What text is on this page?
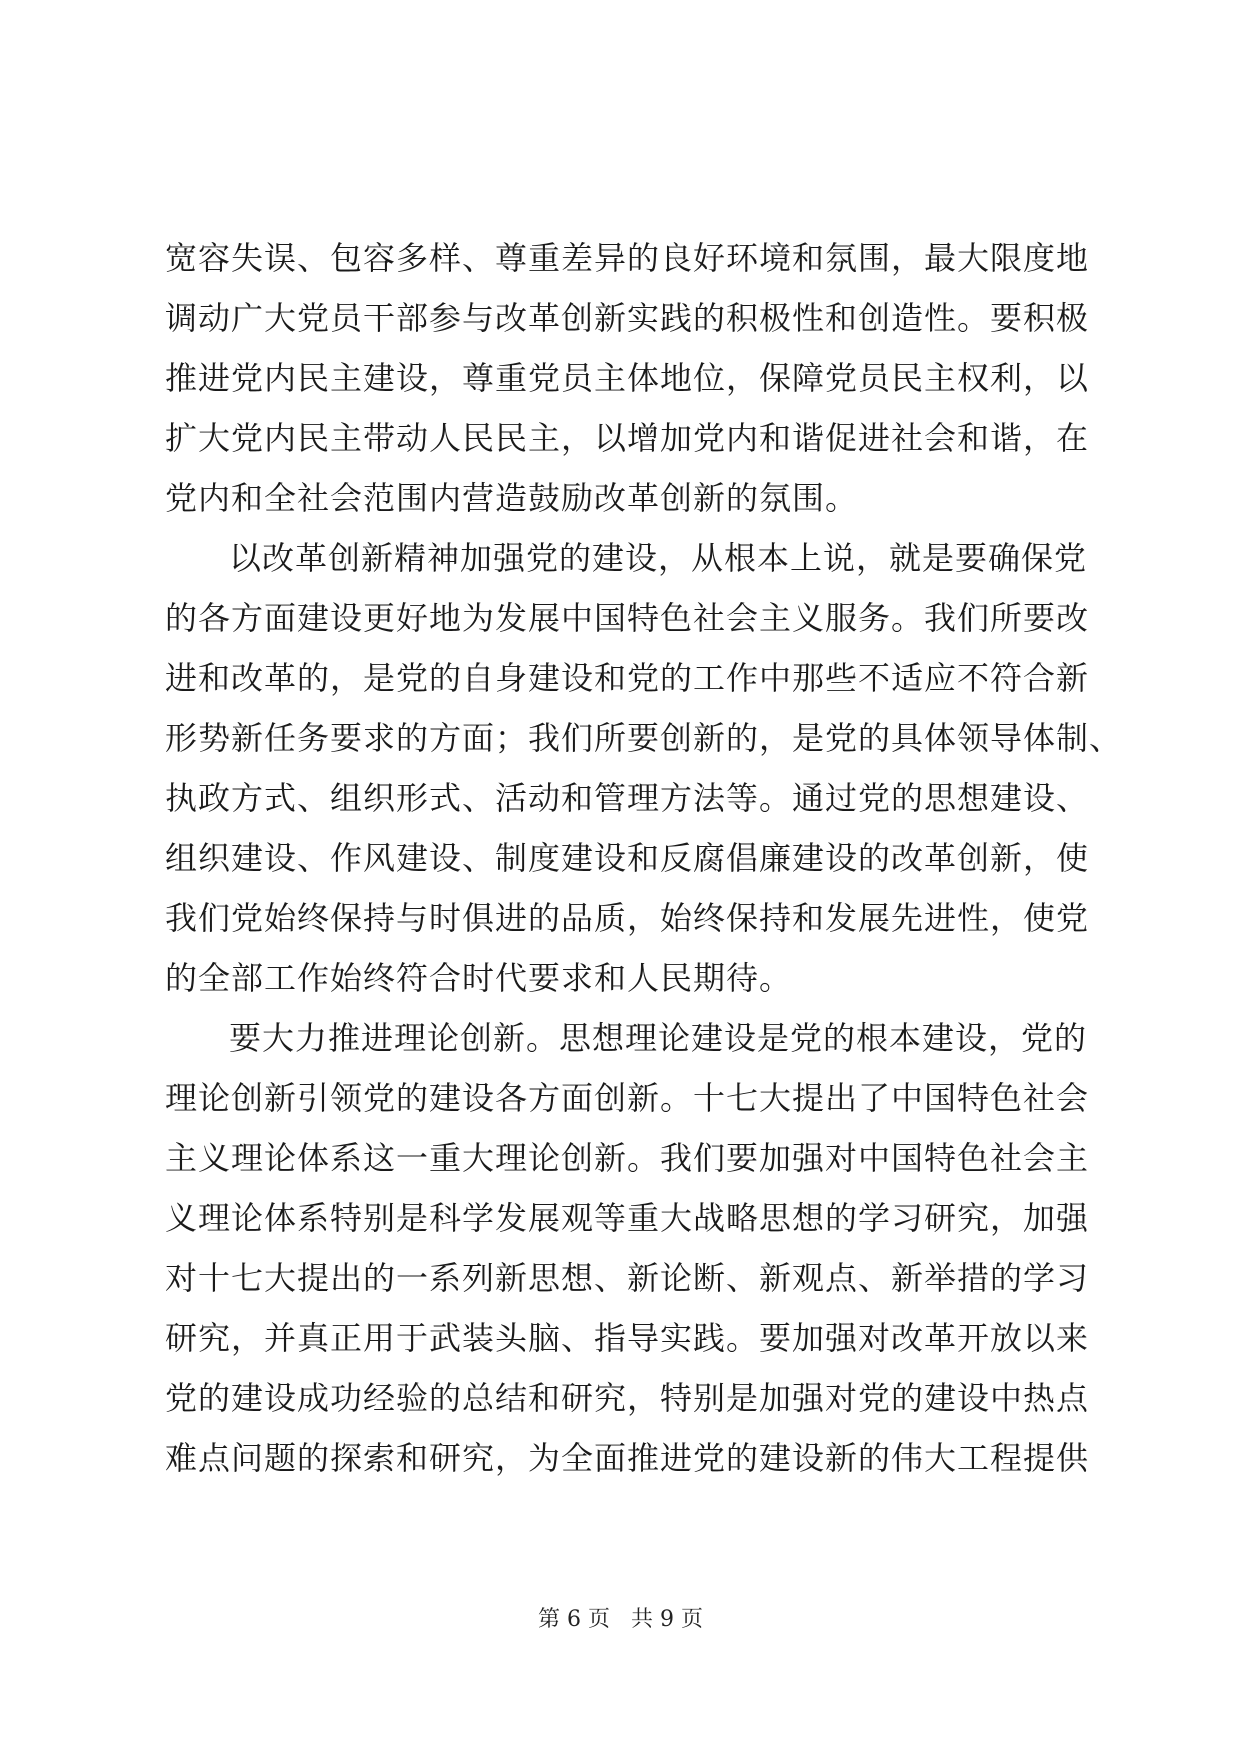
宽容失误、包容多样、尊重差异的良好环境和氛围，最大限度地
调动广大党员干部参与改革创新实践的积极性和创造性。要积极
推进党内民主建设，尊重党员主体地位，保障党员民主权利，以
扩大党内民主带动人民民主，以增加党内和谐促进社会和谐，在
党内和全社会范围内营造鼓励改革创新的氛围。
以改革创新精神加强党的建设，从根本上说，就是要确保党
的各方面建设更好地为发展中国特色社会主义服务。我们所要改
进和改革的，是党的自身建设和党的工作中那些不适应不符合新
形势新任务要求的方面；我们所要创新的，是党的具体领导体制、
执政方式、组织形式、活动和管理方法等。通过党的思想建设、
组织建设、作风建设、制度建设和反腐倡廉建设的改革创新，使
我们党始终保持与时俱进的品质，始终保持和发展先进性，使党
的全部工作始终符合时代要求和人民期待。
要大力推进理论创新。思想理论建设是党的根本建设，党的
理论创新引领党的建设各方面创新。十七大提出了中国特色社会
主义理论体系这一重大理论创新。我们要加强对中国特色社会主
义理论体系特别是科学发展观等重大战略思想的学习研究，加强
对十七大提出的一系列新思想、新论断、新观点、新举措的学习
研究，并真正用于武装头脑、指导实践。要加强对改革开放以来
党的建设成功经验的总结和研究，特别是加强对党的建设中热点
难点问题的探索和研究，为全面推进党的建设新的伟大工程提供
第 6 页 共 9 页
